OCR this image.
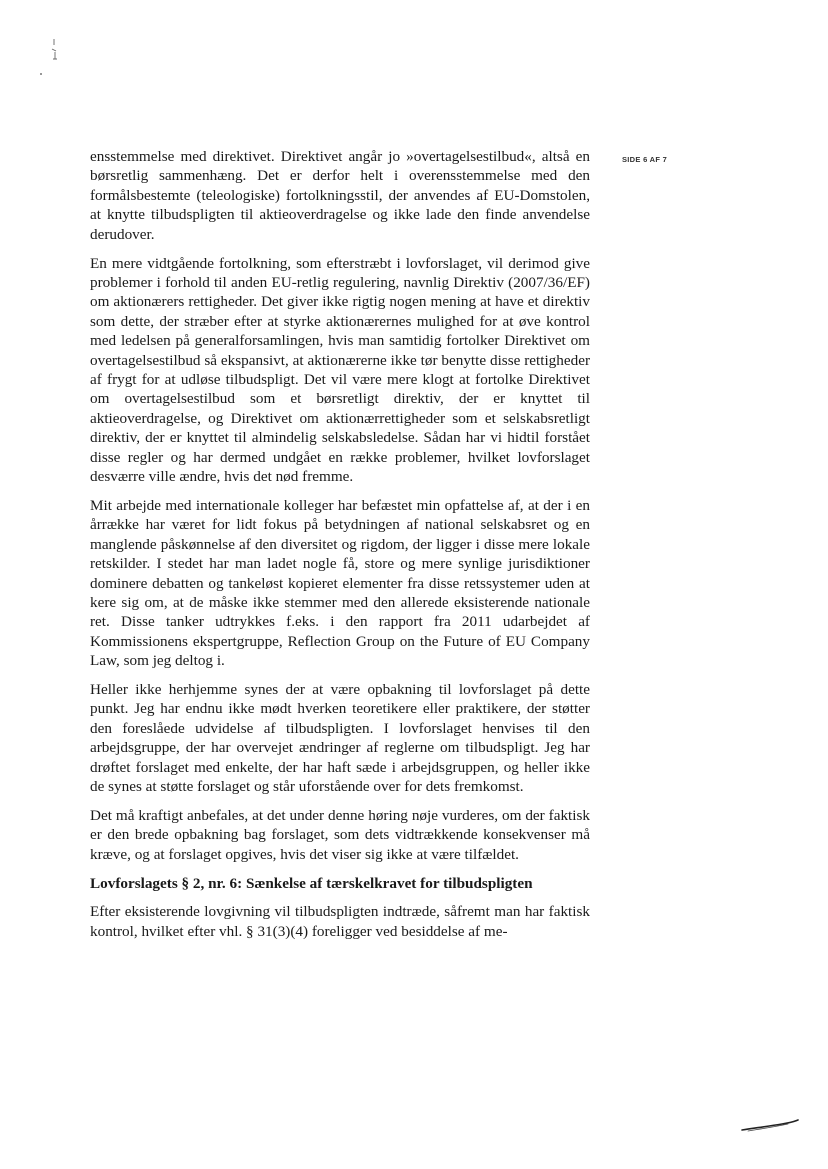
SIDE 6 AF 7

ensstemmelse med direktivet. Direktivet angår jo »overtagelsestilbud«, altså en børsretlig sammenhæng. Det er derfor helt i overensstemmelse med den formålsbestemte (teleologiske) fortolkningsstil, der anvendes af EU-Domstolen, at knytte tilbudspligten til aktieoverdragelse og ikke lade den finde anvendelse derudover.

En mere vidtgående fortolkning, som efterstræbt i lovforslaget, vil derimod give problemer i forhold til anden EU-retlig regulering, navnlig Direktiv (2007/36/EF) om aktionærers rettigheder. Det giver ikke rigtig nogen mening at have et direktiv som dette, der stræber efter at styrke aktionærernes mulighed for at øve kontrol med ledelsen på generalforsamlingen, hvis man samtidig fortolker Direktivet om overtagelsestilbud så ekspansivt, at aktionærerne ikke tør benytte disse rettigheder af frygt for at udløse tilbudspligt. Det vil være mere klogt at fortolke Direktivet om overtagelsestilbud som et børsretligt direktiv, der er knyttet til aktieoverdragelse, og Direktivet om aktionærrettigheder som et selskabsretligt direktiv, der er knyttet til almindelig selskabsledelse. Sådan har vi hidtil forstået disse regler og har dermed undgået en række problemer, hvilket lovforslaget desværre ville ændre, hvis det nød fremme.

Mit arbejde med internationale kolleger har befæstet min opfattelse af, at der i en årrække har været for lidt fokus på betydningen af national selskabsret og en manglende påskønnelse af den diversitet og rigdom, der ligger i disse mere lokale retskilder. I stedet har man ladet nogle få, store og mere synlige jurisdiktioner dominere debatten og tankeløst kopieret elementer fra disse retssystemer uden at kere sig om, at de måske ikke stemmer med den allerede eksisterende nationale ret. Disse tanker udtrykkes f.eks. i den rapport fra 2011 udarbejdet af Kommissionens ekspertgruppe, Reflection Group on the Future of EU Company Law, som jeg deltog i.

Heller ikke herhjemme synes der at være opbakning til lovforslaget på dette punkt. Jeg har endnu ikke mødt hverken teoretikere eller praktikere, der støtter den foreslåede udvidelse af tilbudspligten. I lovforslaget henvises til den arbejdsgruppe, der har overvejet ændringer af reglerne om tilbudspligt. Jeg har drøftet forslaget med enkelte, der har haft sæde i arbejdsgruppen, og heller ikke de synes at støtte forslaget og står uforstående over for dets fremkomst.

Det må kraftigt anbefales, at det under denne høring nøje vurderes, om der faktisk er den brede opbakning bag forslaget, som dets vidtrækkende konsekvenser må kræve, og at forslaget opgives, hvis det viser sig ikke at være tilfældet.

Lovforslagets § 2, nr. 6: Sænkelse af tærskelkravet for tilbudspligten

Efter eksisterende lovgivning vil tilbudspligten indtræde, såfremt man har faktisk kontrol, hvilket efter vhl. § 31(3)(4) foreligger ved besiddelse af me-
